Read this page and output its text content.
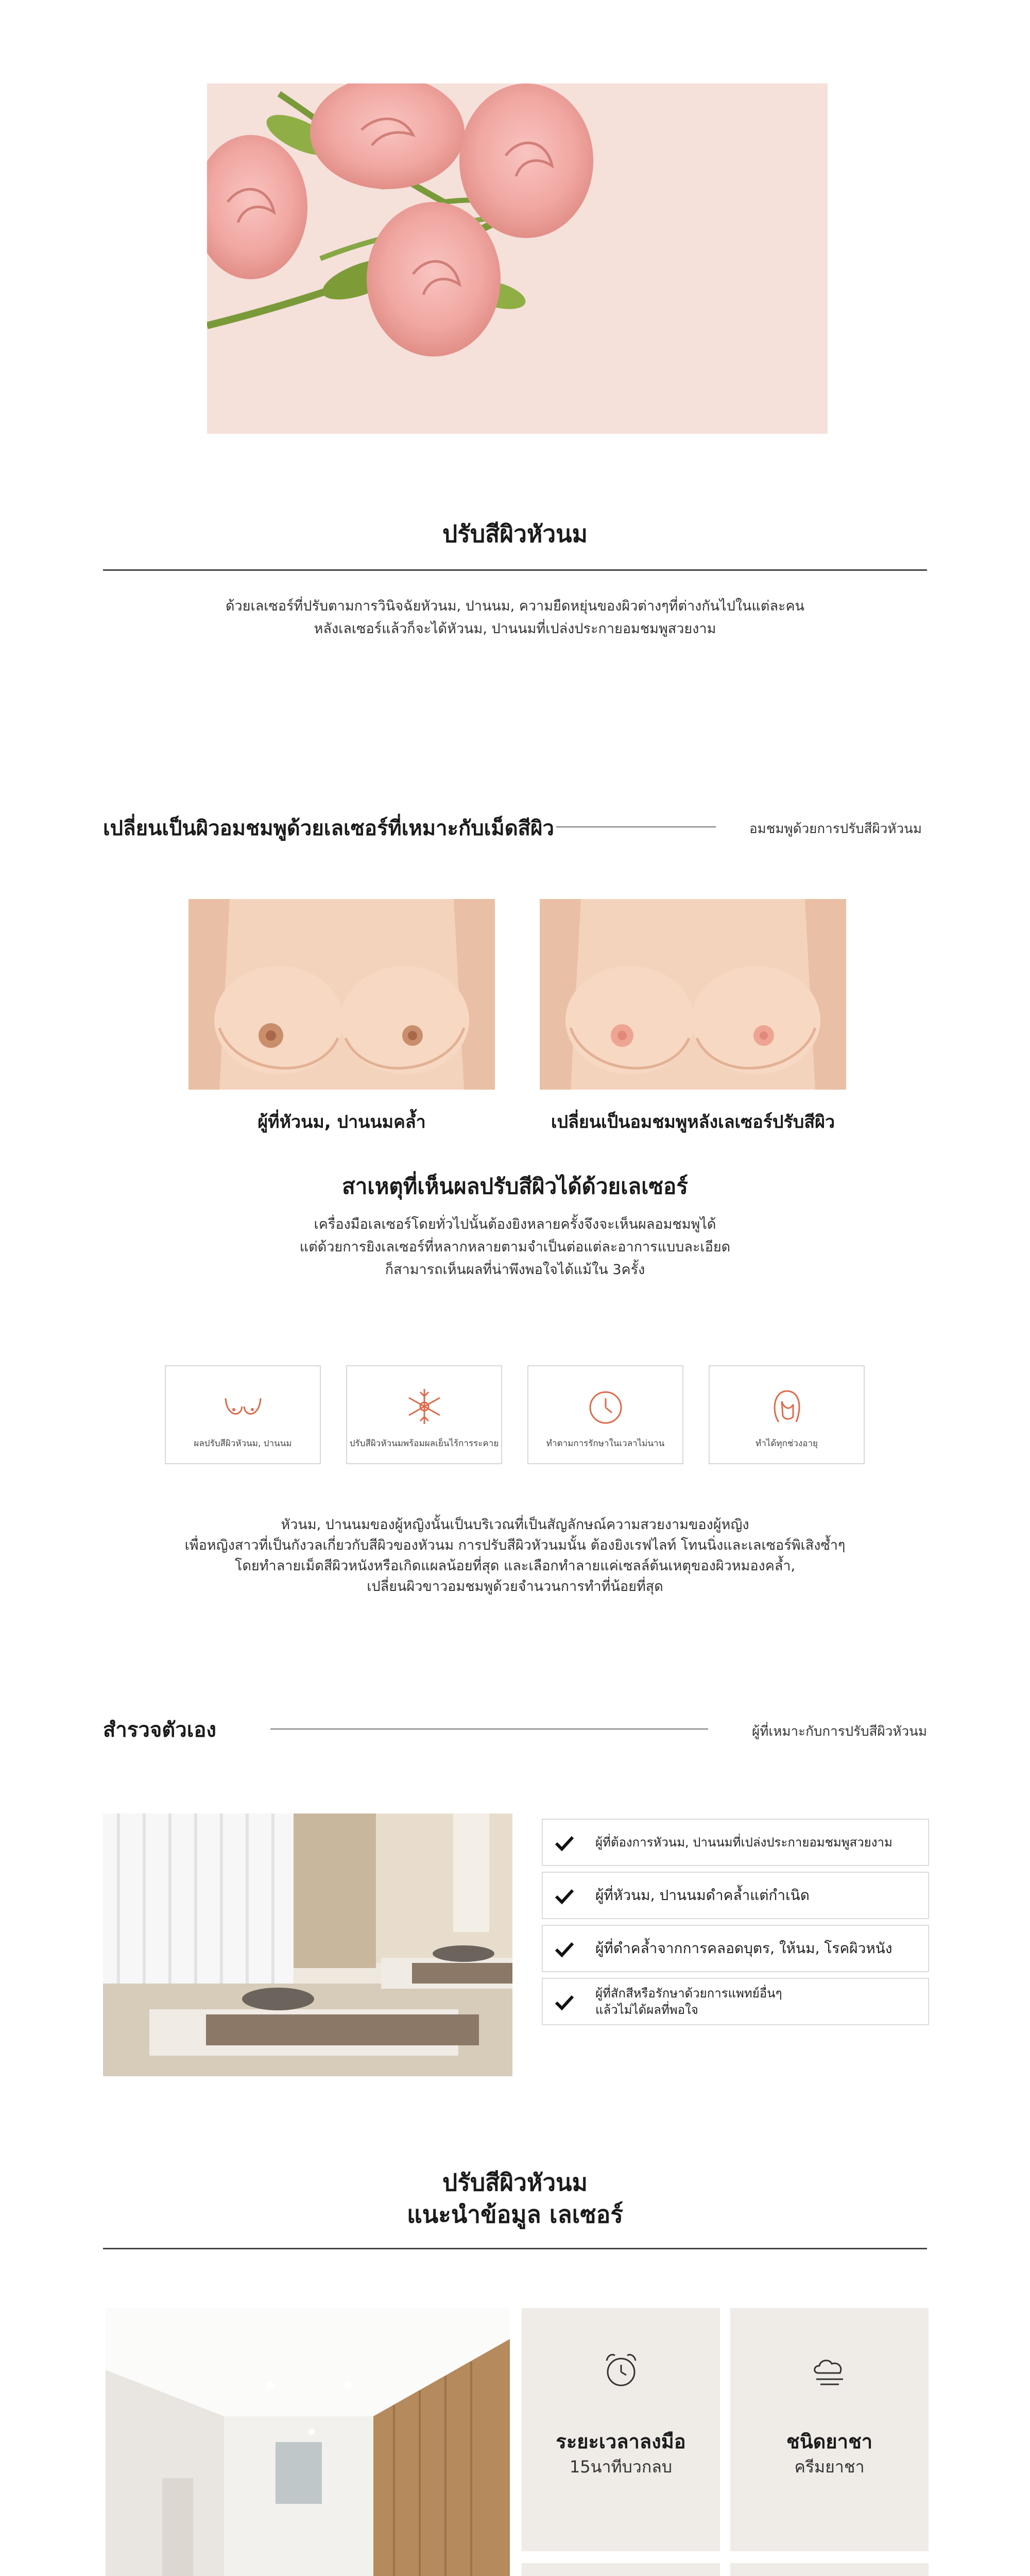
ปรับสีผิวหัวนม
ด้วยเลเซอร์ที่ปรับตามการวินิจฉัยหัวนม, ปานนม, ความยืดหยุ่นของผิวต่างๆที่ต่างกันไปในแต่ละคน
หลังเลเซอร์แล้วก็จะได้หัวนม, ปานนมที่เปล่งประกายอมชมพูสวยงาม
เปลี่ยนเป็นผิวอมชมพูด้วยเลเซอร์ที่เหมาะกับเม็ดสีผิว	อมชมพูด้วยการปรับสีผิวหัวนม
ผู้ที่หัวนม, ปานนมคล้ำ	เปลี่ยนเป็นอมชมพูหลังเลเซอร์ปรับสีผิว
สาเหตุที่เห็นผลปรับสีผิวได้ด้วยเลเซอร์
เครื่องมือเลเซอร์โดยทั่วไปนั้นต้องยิงหลายครั้งจึงจะเห็นผลอมชมพูได้
แต่ด้วยการยิงเลเซอร์ที่หลากหลายตามจำเป็นต่อแต่ละอาการแบบละเอียด
ก็สามารถเห็นผลที่น่าพึงพอใจได้แม้ใน 3ครั้ง
ผลปรับสีผิวหัวนม, ปานนม	ปรับสีผิวหัวนมพร้อมผลเย็นไร้การระคาย	ทำตามการรักษาในเวลาไม่นาน	ทำได้ทุกช่วงอายุ
หัวนม, ปานนมของผู้หญิงนั้นเป็นบริเวณที่เป็นสัญลักษณ์ความสวยงามของผู้หญิง
เพื่อหญิงสาวที่เป็นกังวลเกี่ยวกับสีผิวของหัวนม การปรับสีผิวหัวนมนั้น ต้องยิงเรฟไลท์ โทนนิ่งและเลเซอร์พิเสิงซ้ำๆ
โดยทำลายเม็ดสีผิวหนังหรือเกิดแผลน้อยที่สุด และเลือกทำลายแค่เซลล์ต้นเหตุของผิวหมองคล้ำ,
เปลี่ยนผิวขาวอมชมพูด้วยจำนวนการทำที่น้อยที่สุด
สำรวจตัวเอง	ผู้ที่เหมาะกับการปรับสีผิวหัวนม
ผู้ที่ต้องการหัวนม, ปานนมที่เปล่งประกายอมชมพูสวยงาม
ผู้ที่หัวนม, ปานนมดำคล้ำแต่กำเนิด
ผู้ที่ดำคล้ำจากการคลอดบุตร, ให้นม, โรคผิวหนัง
ผู้ที่สักสีหรือรักษาด้วยการแพทย์อื่นๆ
แล้วไม่ได้ผลที่พอใจ
ปรับสีผิวหัวนม
แนะนำข้อมูล เลเซอร์
ระยะเวลาลงมือ
15นาทีบวกลบ
ชนิดยาชา
ครีมยาชา
